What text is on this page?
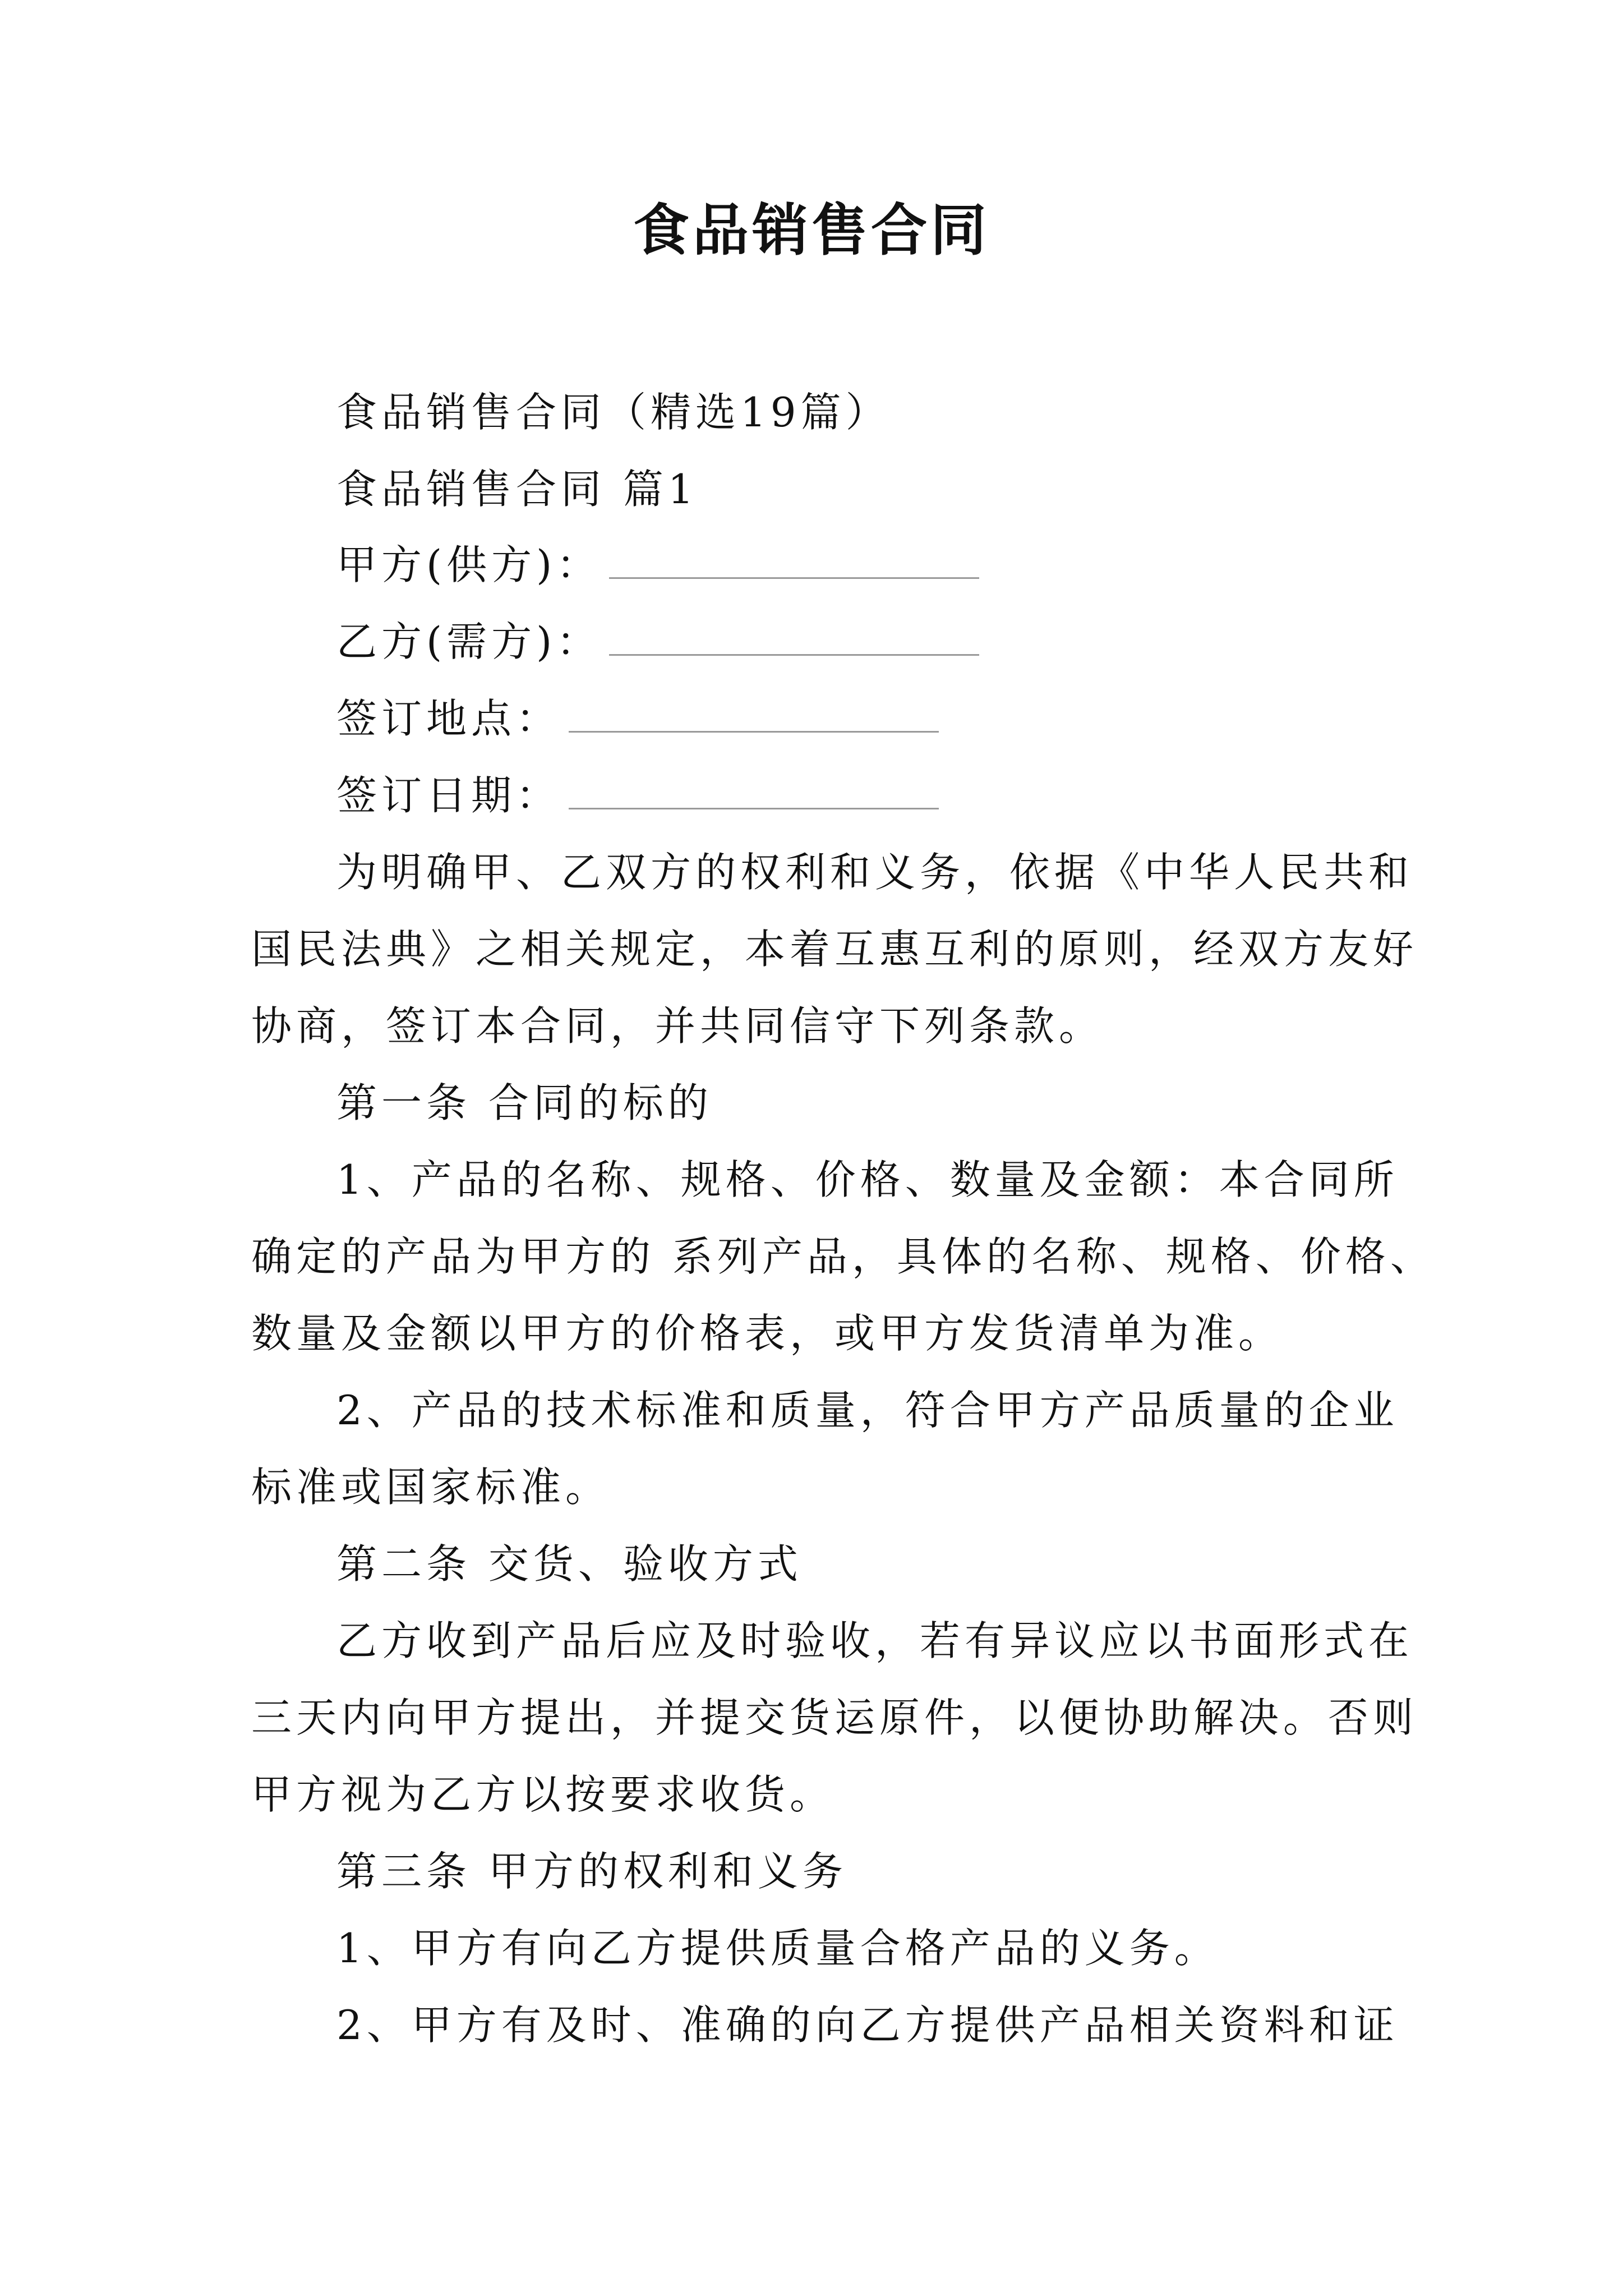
食品销售合同
食品销售合同（精选19篇）
食品销售合同 篇1
甲方(供方)：
乙方(需方)：
签订地点：
签订日期：
为明确甲、乙双方的权利和义务，依据《中华人民共和
国民法典》之相关规定，本着互惠互利的原则，经双方友好
协商，签订本合同，并共同信守下列条款。
第一条 合同的标的
1、产品的名称、规格、价格、数量及金额：本合同所
确定的产品为甲方的 系列产品，具体的名称、规格、价格、
数量及金额以甲方的价格表，或甲方发货清单为准。
2、产品的技术标准和质量，符合甲方产品质量的企业
标准或国家标准。
第二条 交货、验收方式
乙方收到产品后应及时验收，若有异议应以书面形式在
三天内向甲方提出，并提交货运原件，以便协助解决。否则
甲方视为乙方以按要求收货。
第三条 甲方的权利和义务
1、甲方有向乙方提供质量合格产品的义务。
2、甲方有及时、准确的向乙方提供产品相关资料和证
